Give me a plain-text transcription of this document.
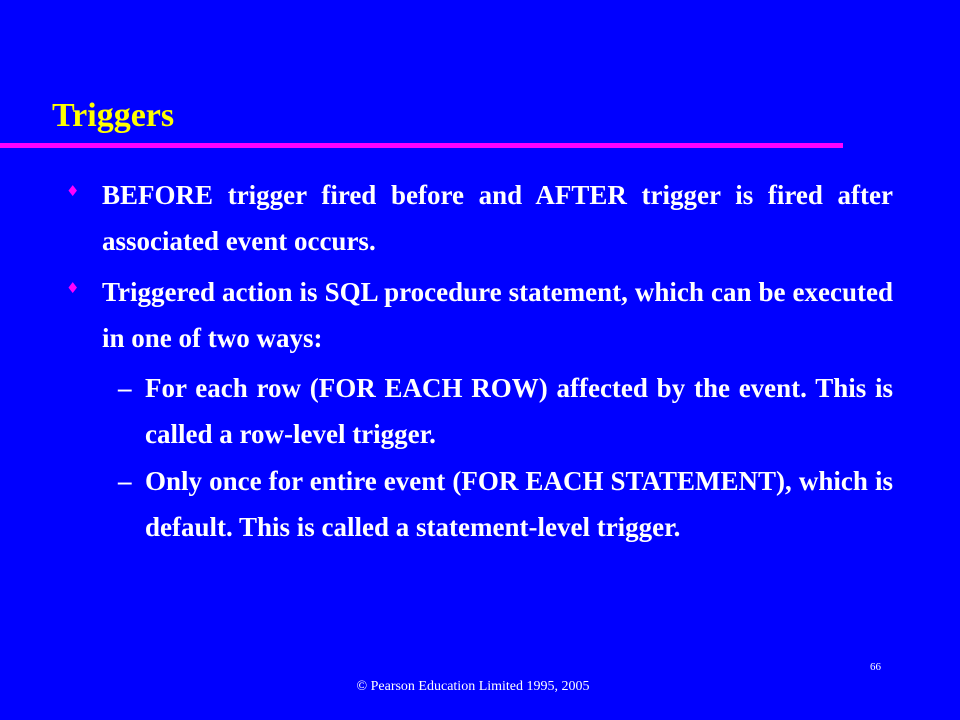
Triggers
♦ BEFORE trigger fired before and AFTER trigger is fired after associated event occurs.

♦ Triggered action is SQL procedure statement, which can be executed in one of two ways:

– For each row (FOR EACH ROW) affected by the event. This is called a row-level trigger.

– Only once for entire event (FOR EACH STATEMENT), which is default. This is called a statement-level trigger.

66

© Pearson Education Limited 1995, 2005
